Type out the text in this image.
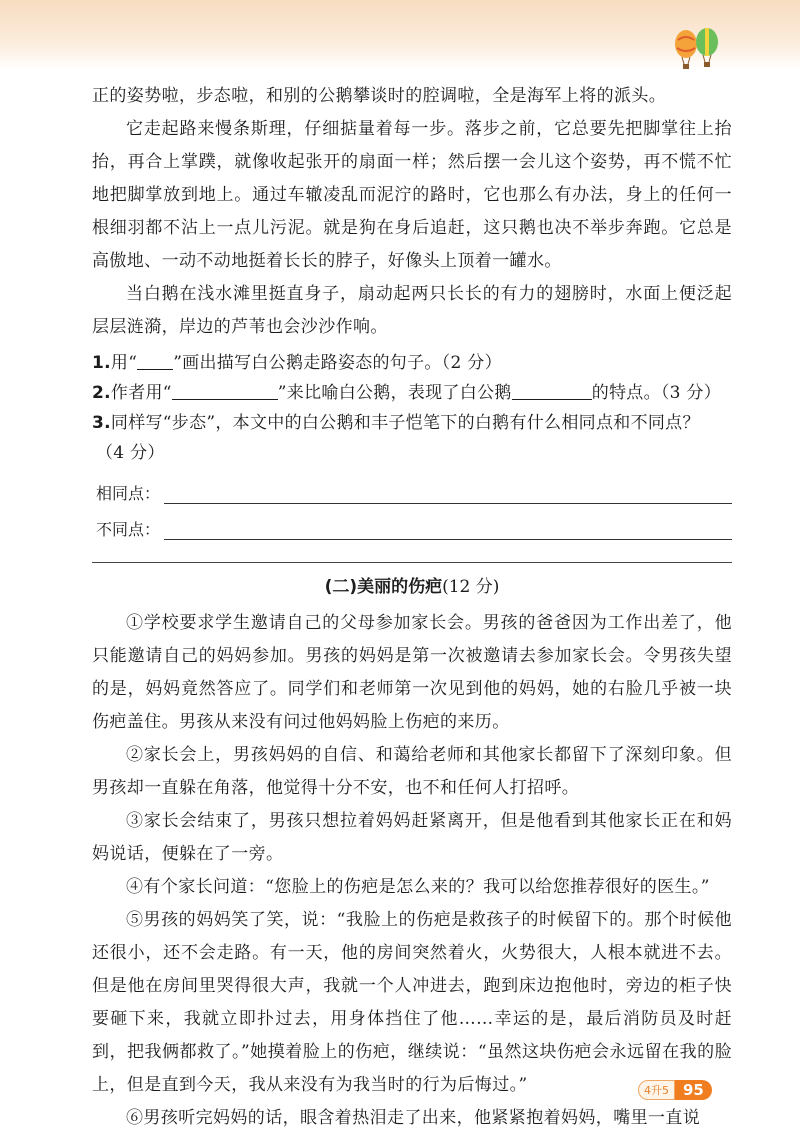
正的姿势啦，步态啦，和别的公鹅攀谈时的腔调啦，全是海军上将的派头。

它走起路来慢条斯理，仔细掂量着每一步。落步之前，它总要先把脚掌往上抬抬，再合上掌蹼，就像收起张开的扇面一样；然后摆一会儿这个姿势，再不慌不忙地把脚掌放到地上。通过车辙凌乱而泥泞的路时，它也那么有办法，身上的任何一根细羽都不沾上一点儿污泥。就是狗在身后追赶，这只鹅也决不举步奔跑。它总是高傲地、一动不动地挺着长长的脖子，好像头上顶着一罐水。

当白鹅在浅水滩里挺直身子，扇动起两只长长的有力的翅膀时，水面上便泛起层层涟漪，岸边的芦苇也会沙沙作响。

1.用“ ”画出描写白公鹅走路姿态的句子。（2 分）
2.作者用“	”来比喻白公鹅，表现了白公鹅	的特点。（3 分）
3.同样写“步态”，本文中的白公鹅和丰子恺笔下的白鹅有什么相同点和不同点？
（4 分）
相同点：
不同点：
(二)美丽的伤疤(12 分)

①学校要求学生邀请自己的父母参加家长会。男孩的爸爸因为工作出差了，他只能邀请自己的妈妈参加。男孩的妈妈是第一次被邀请去参加家长会。令男孩失望的是，妈妈竟然答应了。同学们和老师第一次见到他的妈妈，她的右脸几乎被一块伤疤盖住。男孩从来没有问过他妈妈脸上伤疤的来历。

②家长会上，男孩妈妈的自信、和蔼给老师和其他家长都留下了深刻印象。但男孩却一直躲在角落，他觉得十分不安，也不和任何人打招呼。

③家长会结束了，男孩只想拉着妈妈赶紧离开，但是他看到其他家长正在和妈妈说话，便躲在了一旁。

④有个家长问道：“您脸上的伤疤是怎么来的？我可以给您推荐很好的医生。”

⑤男孩的妈妈笑了笑，说：“我脸上的伤疤是救孩子的时候留下的。那个时候他还很小，还不会走路。有一天，他的房间突然着火，火势很大，人根本就进不去。但是他在房间里哭得很大声，我就一个人冲进去，跑到床边抱他时，旁边的柜子快要砸下来，我就立即扑过去，用身体挡住了他……幸运的是，最后消防员及时赶到，把我俩都救了。”她摸着脸上的伤疤，继续说：“虽然这块伤疤会永远留在我的脸上，但是直到今天，我从来没有为我当时的行为后悔过。”

⑥男孩听完妈妈的话，眼含着热泪走了出来，他紧紧抱着妈妈，嘴里一直说

4升5 95
